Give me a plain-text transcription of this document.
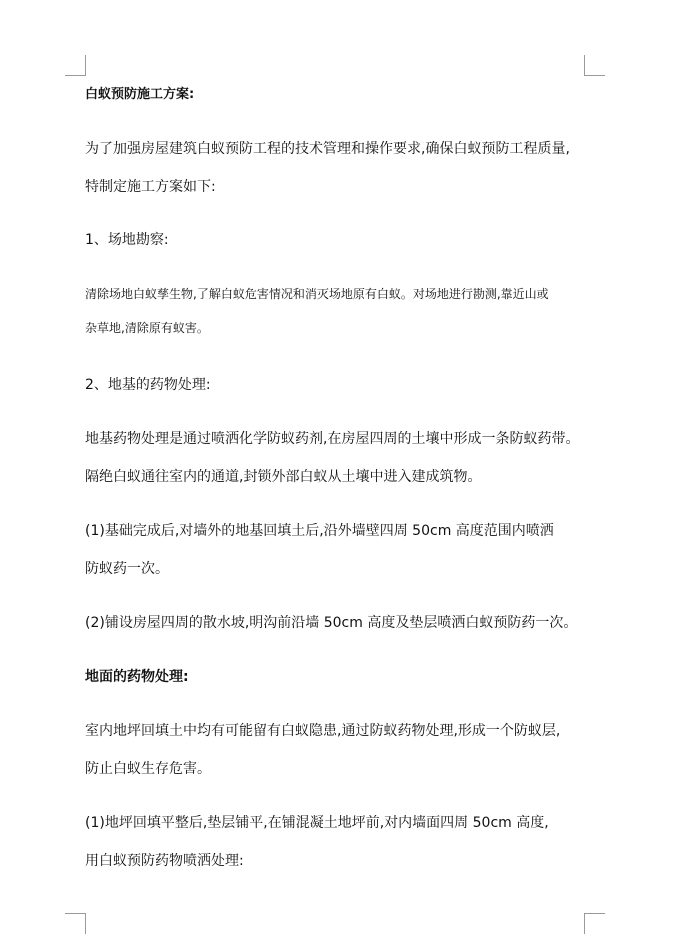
白蚁预防施工方案:
为了加强房屋建筑白蚁预防工程的技术管理和操作要求,确保白蚁预防工程质量,
特制定施工方案如下:
1、场地勘察:
清除场地白蚁孳生物,了解白蚁危害情况和消灭场地原有白蚁。对场地进行勘测,靠近山或
杂草地,清除原有蚁害。
2、地基的药物处理:
地基药物处理是通过喷洒化学防蚁药剂,在房屋四周的土壤中形成一条防蚁药带。
隔绝白蚁通往室内的通道,封锁外部白蚁从土壤中进入建成筑物。
(1)基础完成后,对墙外的地基回填土后,沿外墙壁四周 50cm 高度范围内喷洒
防蚁药一次。
(2)铺设房屋四周的散水坡,明沟前沿墙 50cm 高度及垫层喷洒白蚁预防药一次。
地面的药物处理:
室内地坪回填土中均有可能留有白蚁隐患,通过防蚁药物处理,形成一个防蚁层,
防止白蚁生存危害。
(1)地坪回填平整后,垫层铺平,在铺混凝土地坪前,对内墙面四周 50cm 高度,
用白蚁预防药物喷洒处理:
